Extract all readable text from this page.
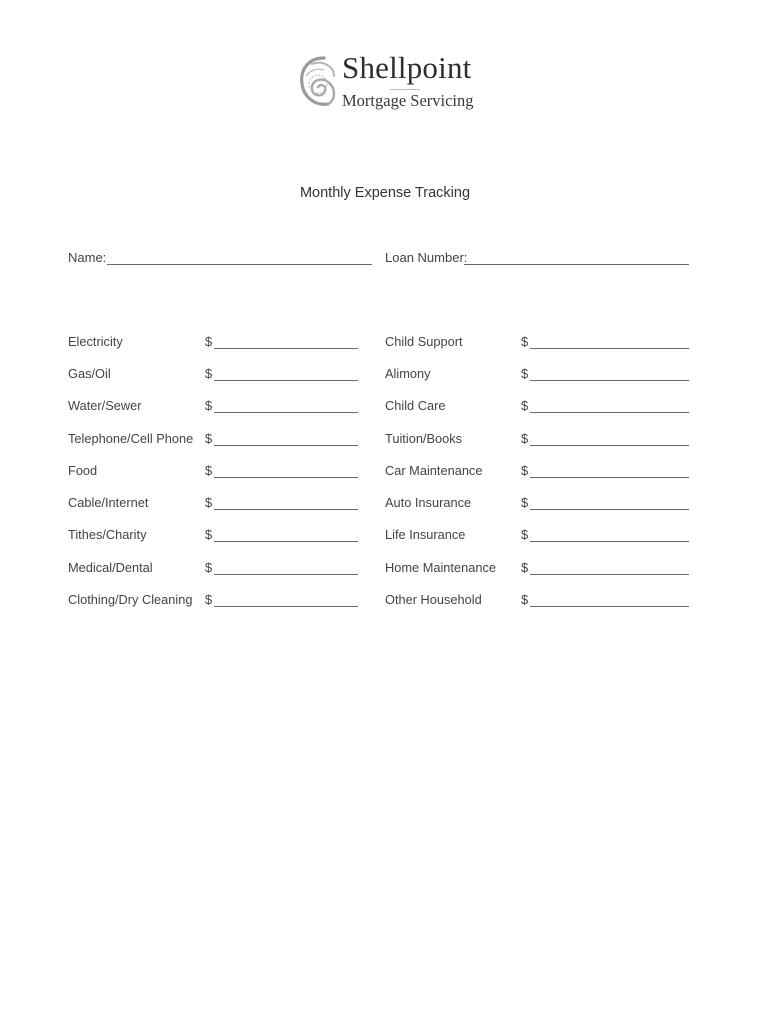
Shellpoint
Mortgage Servicing
Monthly Expense Tracking
Name:	Loan Number:
Electricity	$
Gas/Oil	$
Water/Sewer	$
Telephone/Cell Phone $
Food	$
Cable/Internet	$
Tithes/Charity	$
Medical/Dental	$
Clothing/Dry Cleaning $
Child Support	$
Alimony	$
Child Care	$
Tuition/Books	$
Car Maintenance	$
Auto Insurance	$
Life Insurance	$
Home Maintenance $
Other Household	$
